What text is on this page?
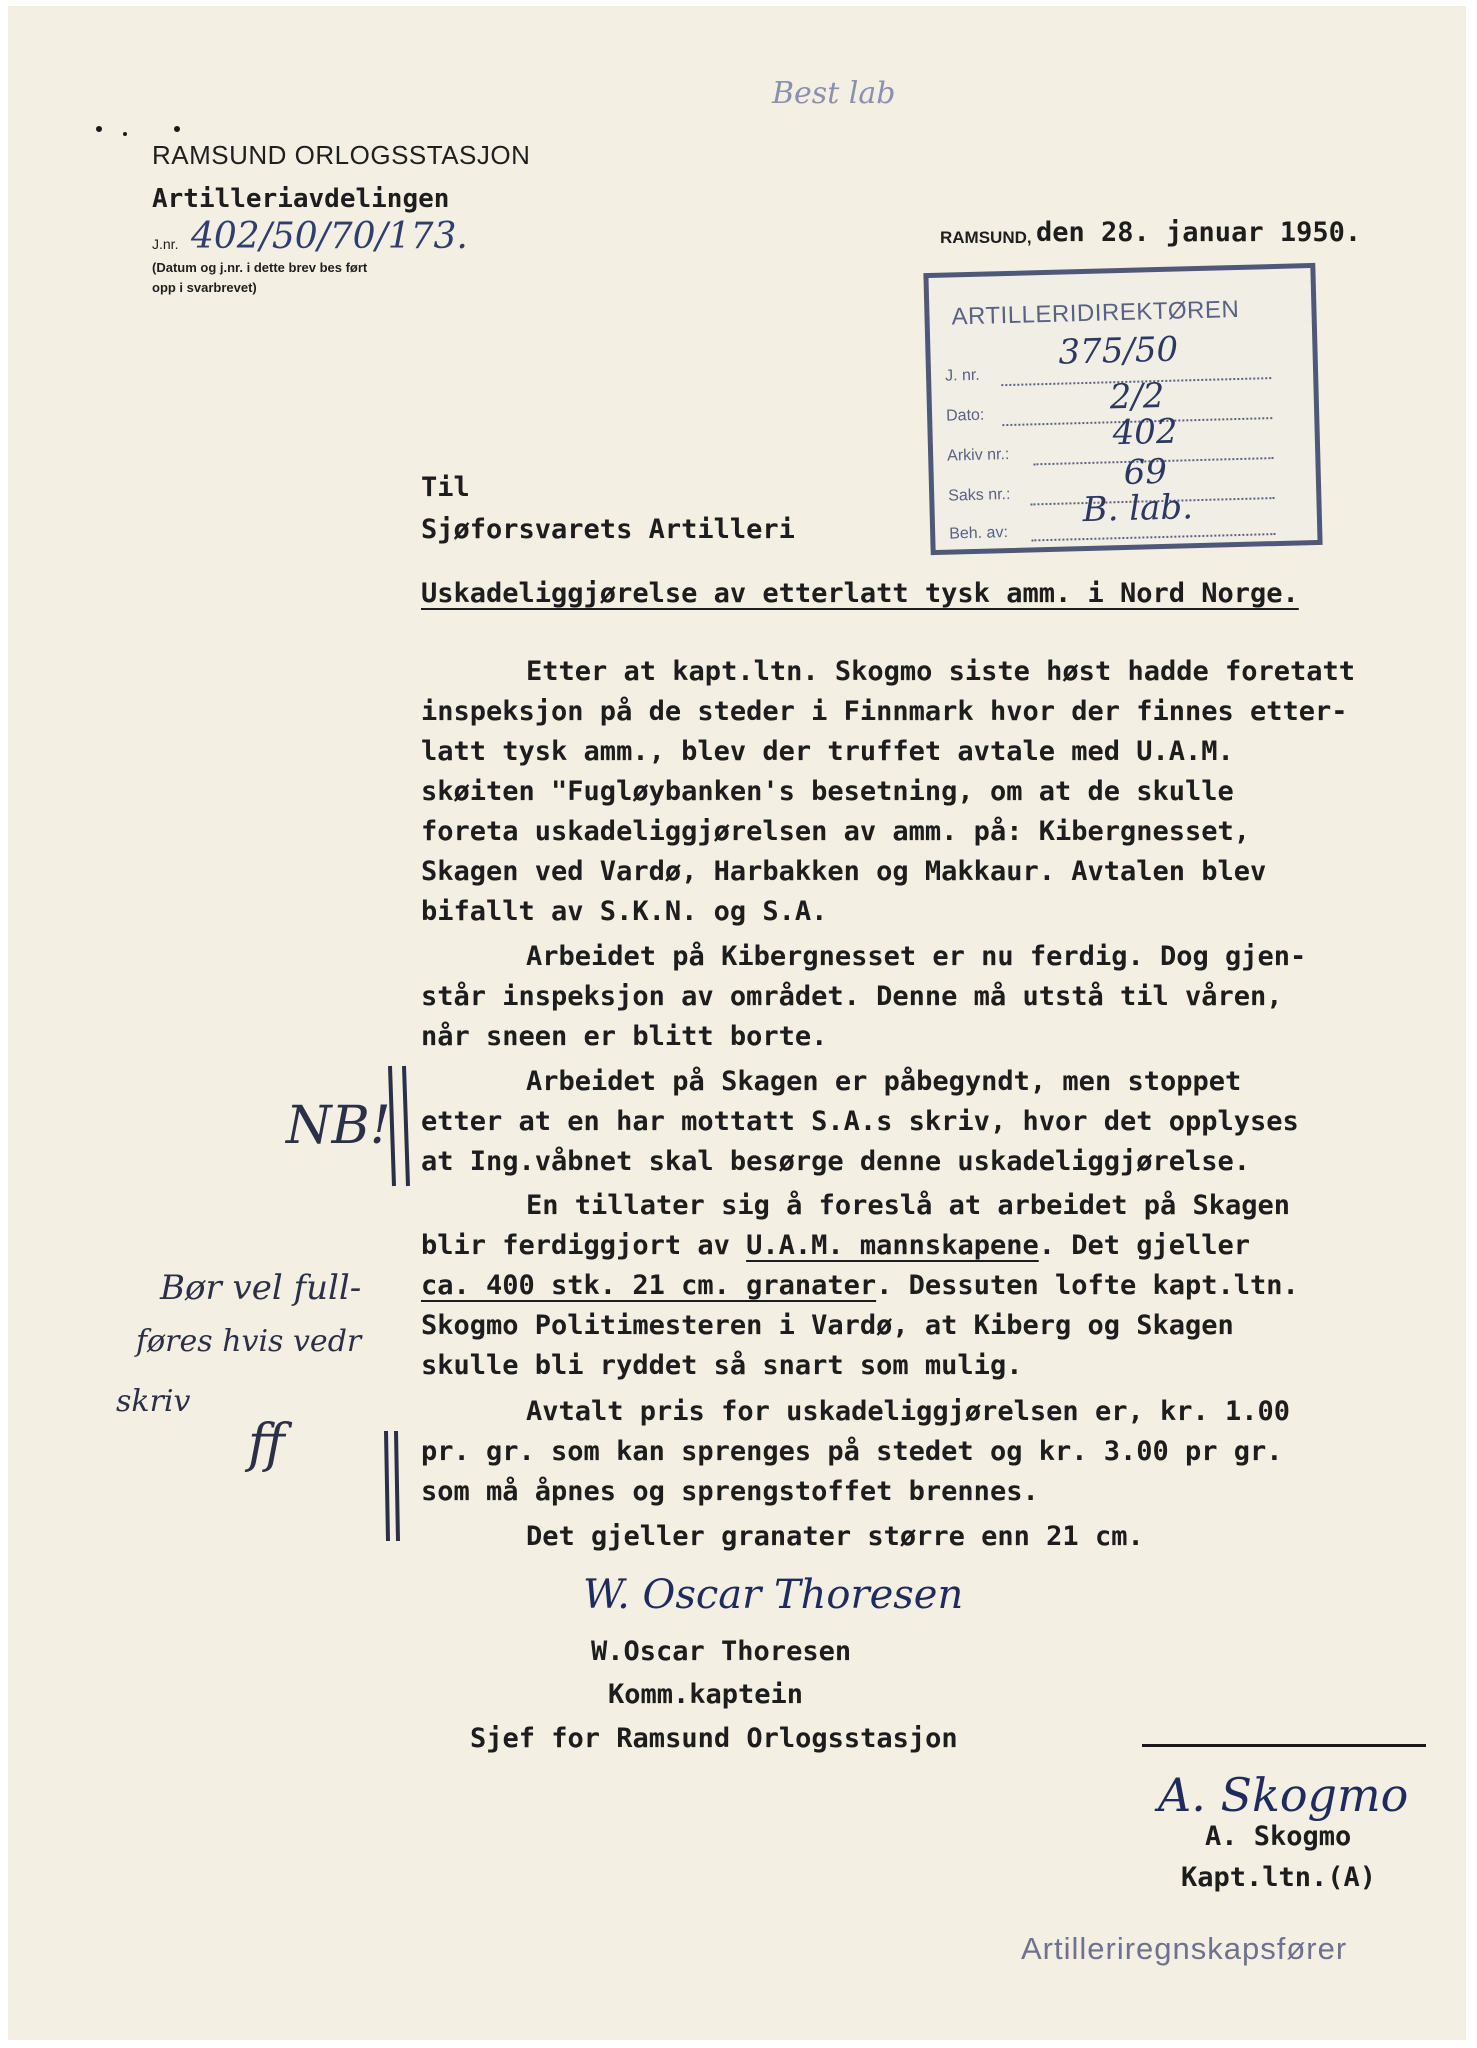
Best lab
RAMSUND ORLOGSSTASJON
Artilleriavdelingen
J.nr. 402/50/70/173.
(Datum og j.nr. i dette brev bes ført
opp i svarbrevet)
RAMSUND, den 28. januar 1950.
ARTILLERIDIREKTØREN
J. nr.
375/50
Dato:	2/2
Arkiv nr.:
402
Saks nr.:
69
Beh. av:
B. lab.
Til
Sjøforsvarets Artilleri
Uskadeliggjørelse av etterlatt tysk amm. i Nord Norge.
Etter at kapt.ltn. Skogmo siste høst hadde foretatt
inspeksjon på de steder i Finnmark hvor der finnes etter-
latt tysk amm., blev der truffet avtale med U.A.M.
skøiten "Fugløybanken's besetning, om at de skulle
foreta uskadeliggjørelsen av amm. på: Kibergnesset,
Skagen ved Vardø, Harbakken og Makkaur. Avtalen blev
bifallt av S.K.N. og S.A.
Arbeidet på Kibergnesset er nu ferdig. Dog gjen-
står inspeksjon av området. Denne må utstå til våren,
når sneen er blitt borte.
Arbeidet på Skagen er påbegyndt, men stoppet
etter at en har mottatt S.A.s skriv, hvor det opplyses
at Ing.våbnet skal besørge denne uskadeliggjørelse.
En tillater sig å foreslå at arbeidet på Skagen
blir ferdiggjort av U.A.M. mannskapene. Det gjeller
ca. 400 stk. 21 cm. granater. Dessuten lofte kapt.ltn.
Skogmo Politimesteren i Vardø, at Kiberg og Skagen
skulle bli ryddet så snart som mulig.
Avtalt pris for uskadeliggjørelsen er, kr. 1.00
pr. gr. som kan sprenges på stedet og kr. 3.00 pr gr.
som må åpnes og sprengstoffet brennes.
Det gjeller granater større enn 21 cm.
NB!
Bør vel full-
føres hvis vedr
skriv
ff
W. Oscar Thoresen
W.Oscar Thoresen
Komm.kaptein
Sjef for Ramsund Orlogsstasjon
A. Skogmo
A. Skogmo
Kapt.ltn.(A)
Artilleriregnskapsfører
